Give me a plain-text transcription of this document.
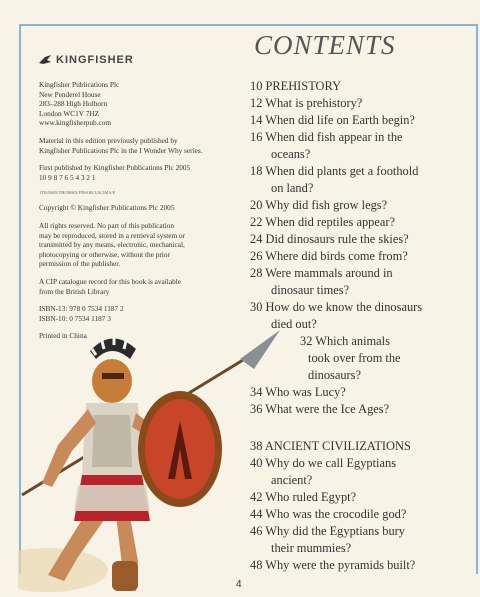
KINGFISHER

Kingfisher Publications Plc
New Penderel House
283–288 High Holborn
London WC1V 7HZ
www.kingfisherpub.com

Material in this edition previously published by
Kingfisher Publications Plc in the I Wonder Why series.

First published by Kingfisher Publications Plc 2005
10 9 8 7 6 5 4 3 2 1

1TR/0605/THOMSN/PRSOR/126.5MA/F

Copyright © Kingfisher Publications Plc 2005

All rights reserved. No part of this publication
may be reproduced, stored in a retrieval system or
transmitted by any means, electronic, mechanical,
photocopying or otherwise, without the prior
permission of the publisher.

A CIP catalogue record for this book is available
from the British Library

ISBN-13: 978 0 7534 1187 2
ISBN-10: 0 7534 1187 3

Printed in China

CONTENTS
10 PREHISTORY
12 What is prehistory?
14 When did life on Earth begin?
16 When did fish appear in the
oceans?
18 When did plants get a foothold
on land?
20 Why did fish grow legs?
22 When did reptiles appear?
24 Did dinosaurs rule the skies?
26 Where did birds come from?
28 Were mammals around in
dinosaur times?
30 How do we know the dinosaurs
died out?
32 Which animals
took over from the
dinosaurs?
34 Who was Lucy?
36 What were the Ice Ages?
38 ANCIENT CIVILIZATIONS
40 Why do we call Egyptians
ancient?
42 Who ruled Egypt?
44 Who was the crocodile god?
46 Why did the Egyptians bury
their mummies?
48 Why were the pyramids built?
4
